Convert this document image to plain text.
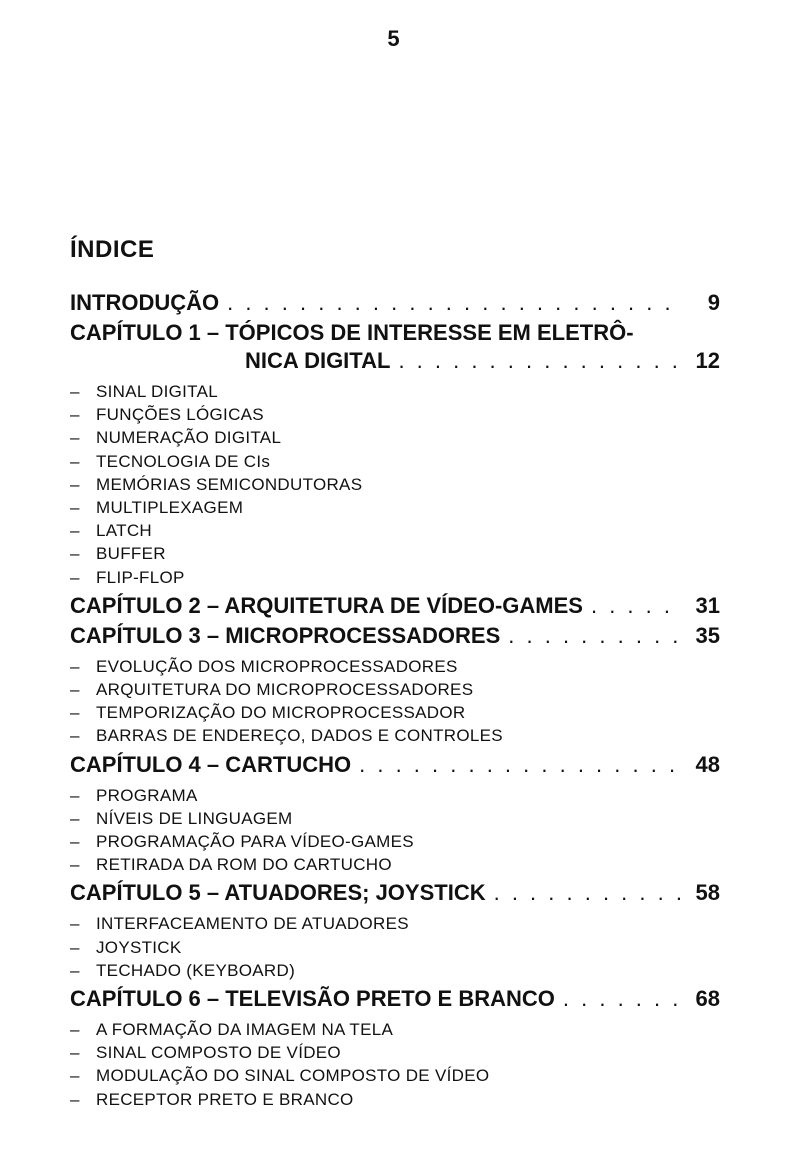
5
ÍNDICE
INTRODUÇÃO . . .	9
CAPÍTULO 1 – TÓPICOS DE INTERESSE EM ELETRÔ-
NICA DIGITAL . . .	12
– SINAL DIGITAL
– FUNÇÕES LÓGICAS
– NUMERAÇÃO DIGITAL
– TECNOLOGIA DE CIs
– MEMÓRIAS SEMICONDUTORAS
– MULTIPLEXAGEM
– LATCH
– BUFFER
– FLIP-FLOP
CAPÍTULO 2 – ARQUITETURA DE VÍDEO-GAMES . . .	31
CAPÍTULO 3 – MICROPROCESSADORES . . .	35
– EVOLUÇÃO DOS MICROPROCESSADORES
– ARQUITETURA DO MICROPROCESSADORES
– TEMPORIZAÇÃO DO MICROPROCESSADOR
– BARRAS DE ENDEREÇO, DADOS E CONTROLES
CAPÍTULO 4 – CARTUCHO . . .	48
– PROGRAMA
– NÍVEIS DE LINGUAGEM
– PROGRAMAÇÃO PARA VÍDEO-GAMES
– RETIRADA DA ROM DO CARTUCHO
CAPÍTULO 5 – ATUADORES; JOYSTICK . . .	58
– INTERFACEAMENTO DE ATUADORES
– JOYSTICK
– TECHADO (KEYBOARD)
CAPÍTULO 6 – TELEVISÃO PRETO E BRANCO . . .	68
– A FORMAÇÃO DA IMAGEM NA TELA
– SINAL COMPOSTO DE VÍDEO
– MODULAÇÃO DO SINAL COMPOSTO DE VÍDEO
– RECEPTOR PRETO E BRANCO
